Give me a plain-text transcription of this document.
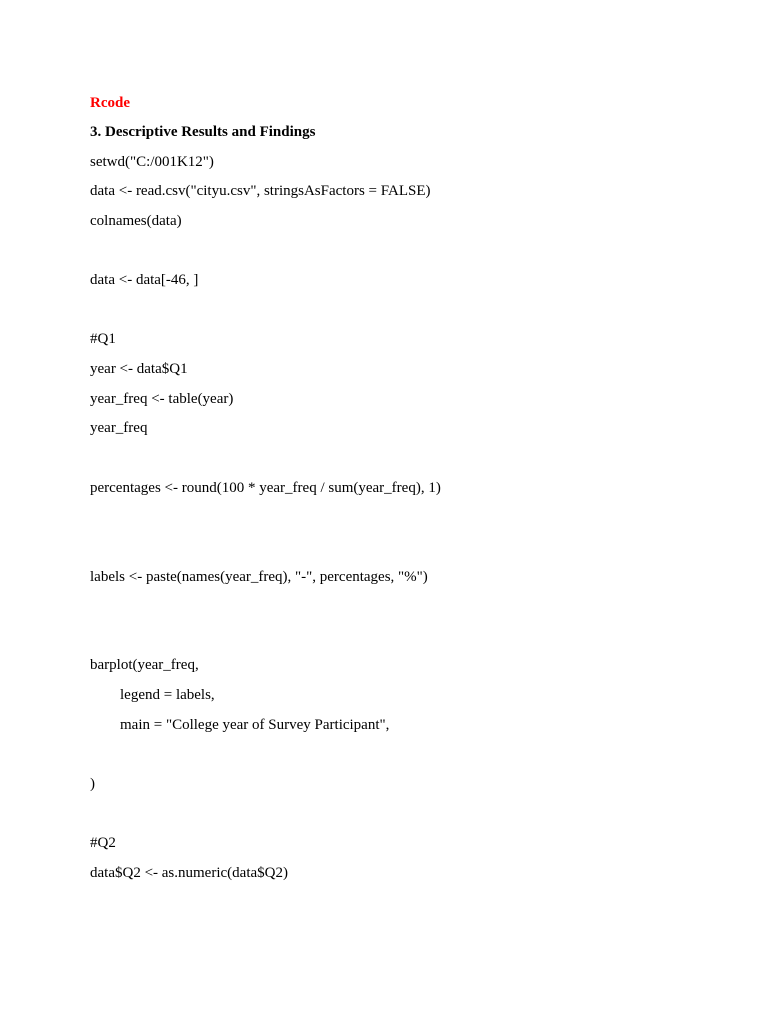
Rcode
3. Descriptive Results and Findings
setwd("C:/001K12")
data <- read.csv("cityu.csv", stringsAsFactors = FALSE)
colnames(data)
data <- data[-46, ]
#Q1
year <- data$Q1
year_freq <- table(year)
year_freq
percentages <- round(100 * year_freq / sum(year_freq), 1)
labels <- paste(names(year_freq), "-", percentages, "%")
barplot(year_freq,
legend = labels,
main = "College year of Survey Participant",
)
#Q2
data$Q2 <- as.numeric(data$Q2)
